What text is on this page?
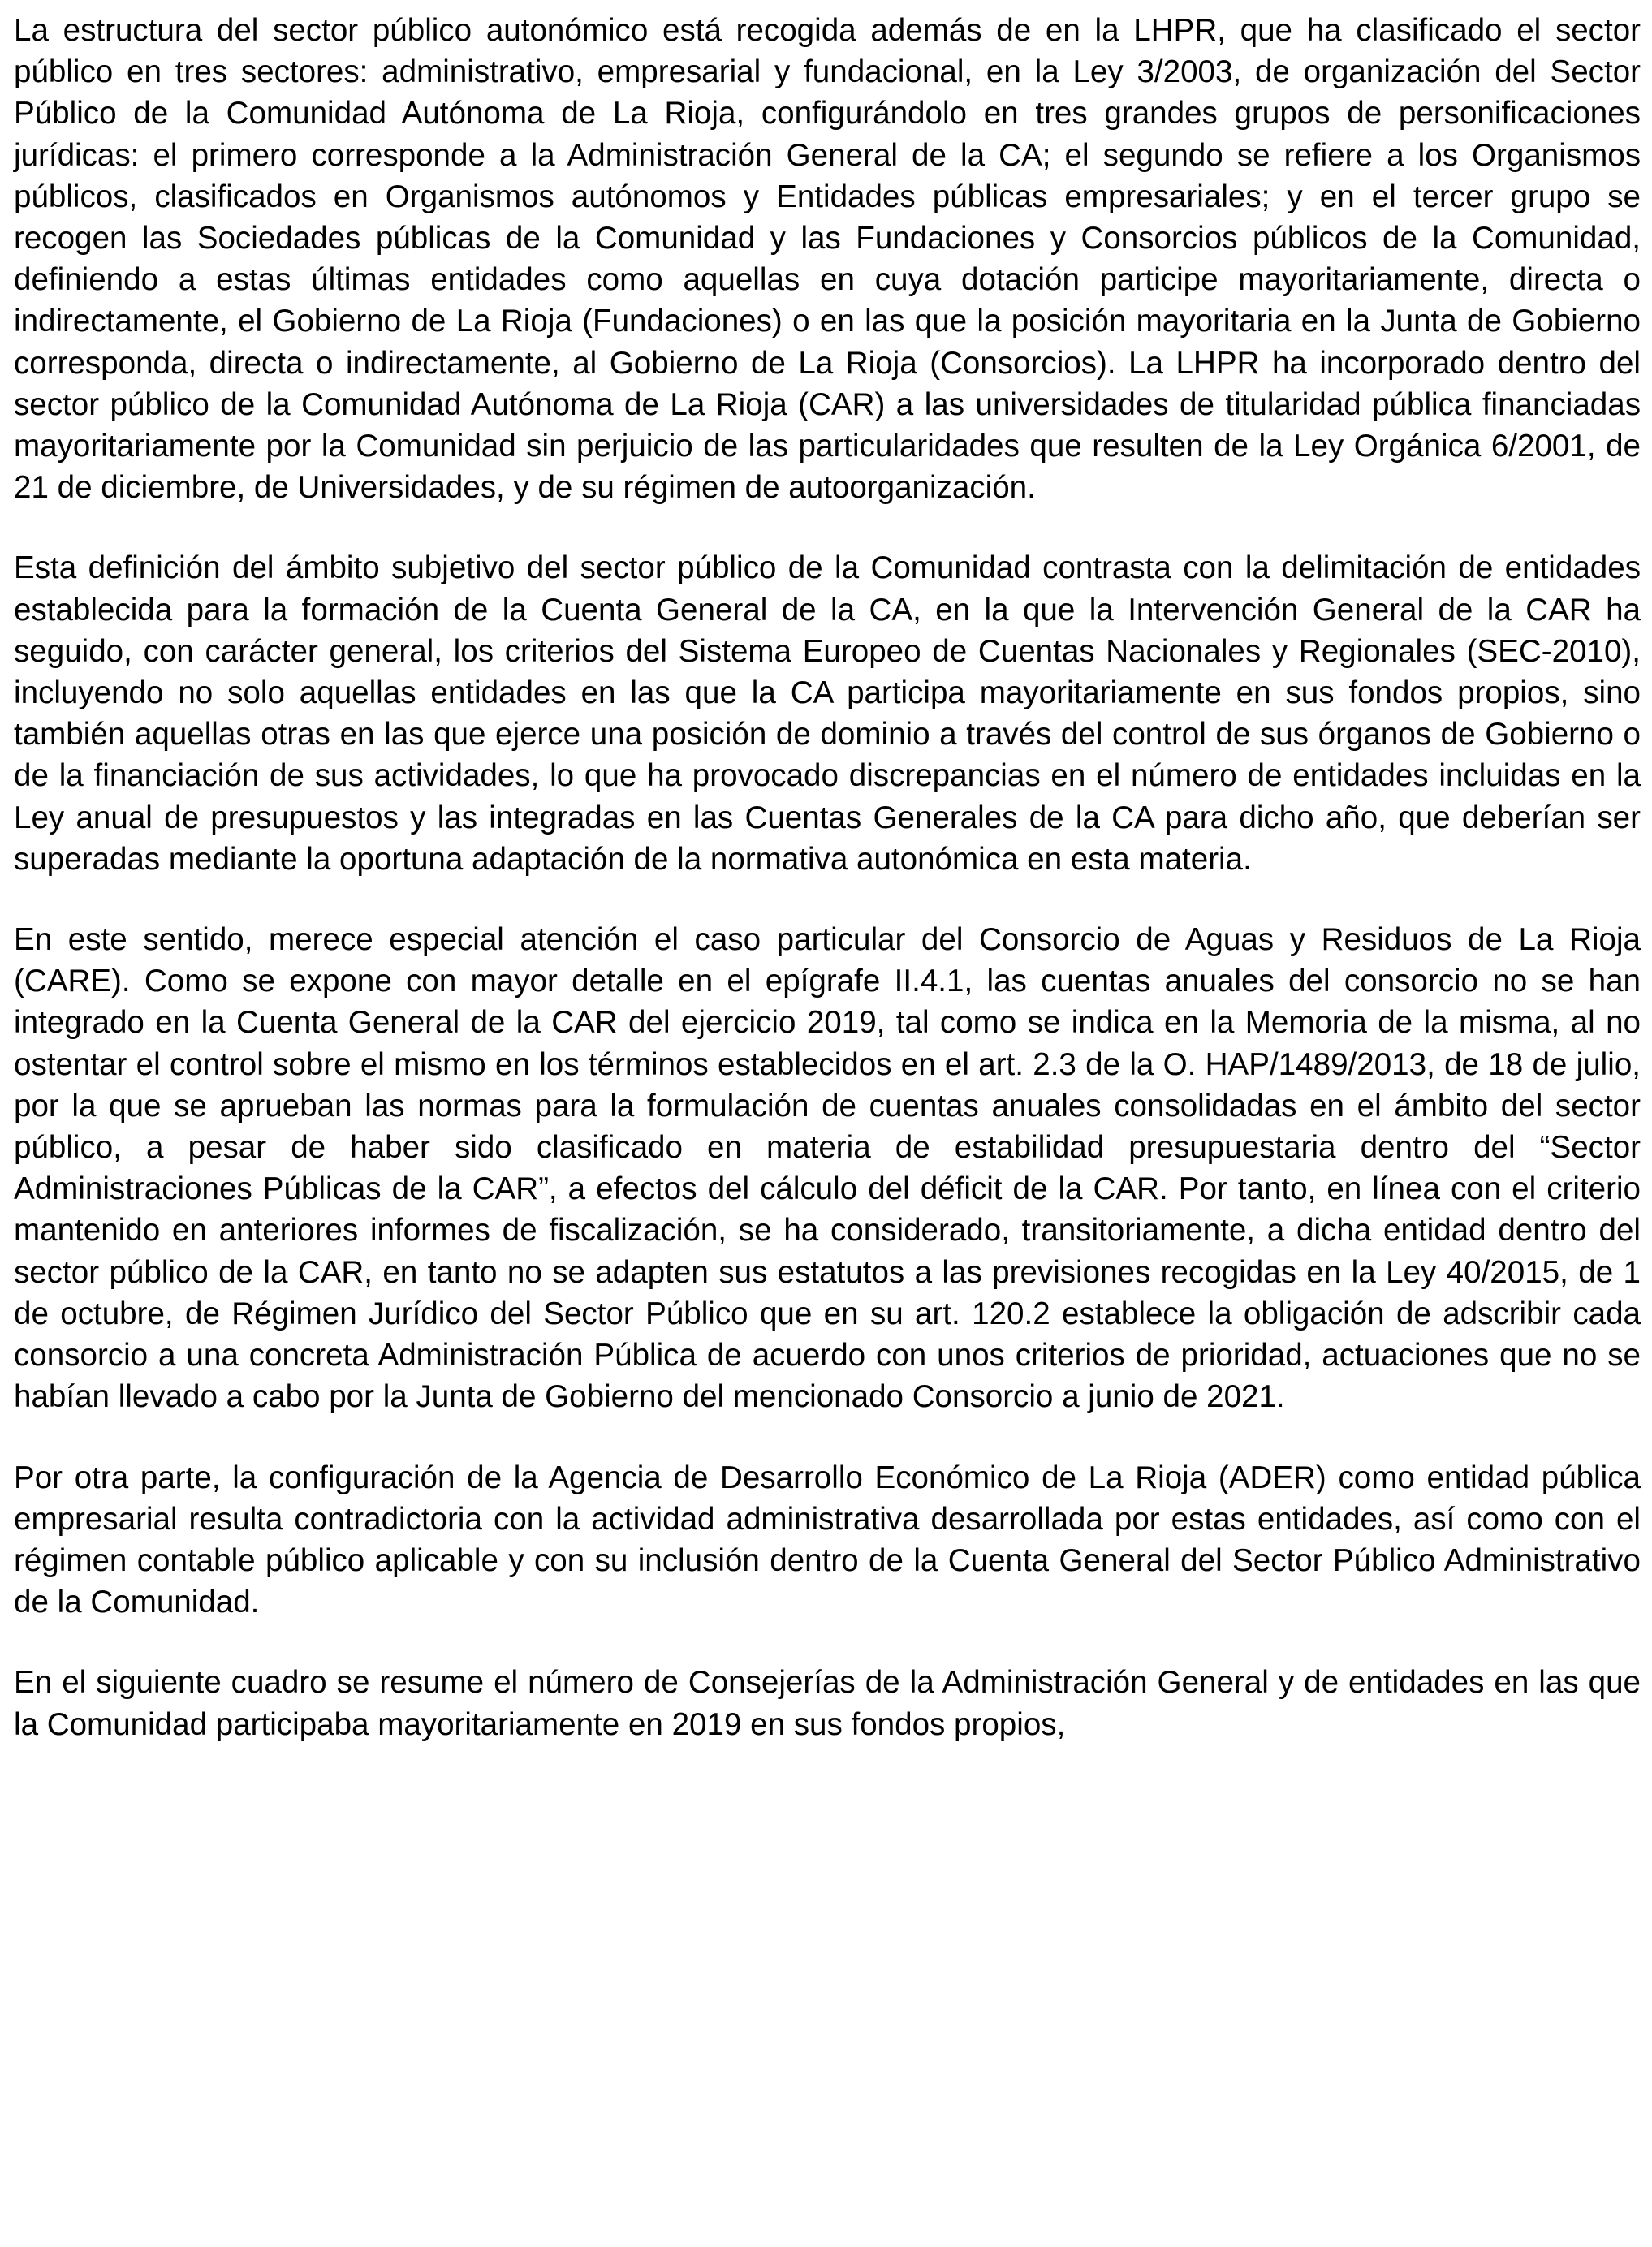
La estructura del sector público autonómico está recogida además de en la LHPR, que ha clasificado el sector público en tres sectores: administrativo, empresarial y fundacional, en la Ley 3/2003, de organización del Sector Público de la Comunidad Autónoma de La Rioja, configurándolo en tres grandes grupos de personificaciones jurídicas: el primero corresponde a la Administración General de la CA; el segundo se refiere a los Organismos públicos, clasificados en Organismos autónomos y Entidades públicas empresariales; y en el tercer grupo se recogen las Sociedades públicas de la Comunidad y las Fundaciones y Consorcios públicos de la Comunidad, definiendo a estas últimas entidades como aquellas en cuya dotación participe mayoritariamente, directa o indirectamente, el Gobierno de La Rioja (Fundaciones) o en las que la posición mayoritaria en la Junta de Gobierno corresponda, directa o indirectamente, al Gobierno de La Rioja (Consorcios). La LHPR ha incorporado dentro del sector público de la Comunidad Autónoma de La Rioja (CAR) a las universidades de titularidad pública financiadas mayoritariamente por la Comunidad sin perjuicio de las particularidades que resulten de la Ley Orgánica 6/2001, de 21 de diciembre, de Universidades, y de su régimen de autoorganización.

Esta definición del ámbito subjetivo del sector público de la Comunidad contrasta con la delimitación de entidades establecida para la formación de la Cuenta General de la CA, en la que la Intervención General de la CAR ha seguido, con carácter general, los criterios del Sistema Europeo de Cuentas Nacionales y Regionales (SEC-2010), incluyendo no solo aquellas entidades en las que la CA participa mayoritariamente en sus fondos propios, sino también aquellas otras en las que ejerce una posición de dominio a través del control de sus órganos de Gobierno o de la financiación de sus actividades, lo que ha provocado discrepancias en el número de entidades incluidas en la Ley anual de presupuestos y las integradas en las Cuentas Generales de la CA para dicho año, que deberían ser superadas mediante la oportuna adaptación de la normativa autonómica en esta materia.

En este sentido, merece especial atención el caso particular del Consorcio de Aguas y Residuos de La Rioja (CARE). Como se expone con mayor detalle en el epígrafe II.4.1, las cuentas anuales del consorcio no se han integrado en la Cuenta General de la CAR del ejercicio 2019, tal como se indica en la Memoria de la misma, al no ostentar el control sobre el mismo en los términos establecidos en el art. 2.3 de la O. HAP/1489/2013, de 18 de julio, por la que se aprueban las normas para la formulación de cuentas anuales consolidadas en el ámbito del sector público, a pesar de haber sido clasificado en materia de estabilidad presupuestaria dentro del “Sector Administraciones Públicas de la CAR”, a efectos del cálculo del déficit de la CAR. Por tanto, en línea con el criterio mantenido en anteriores informes de fiscalización, se ha considerado, transitoriamente, a dicha entidad dentro del sector público de la CAR, en tanto no se adapten sus estatutos a las previsiones recogidas en la Ley 40/2015, de 1 de octubre, de Régimen Jurídico del Sector Público que en su art. 120.2 establece la obligación de adscribir cada consorcio a una concreta Administración Pública de acuerdo con unos criterios de prioridad, actuaciones que no se habían llevado a cabo por la Junta de Gobierno del mencionado Consorcio a junio de 2021.

Por otra parte, la configuración de la Agencia de Desarrollo Económico de La Rioja (ADER) como entidad pública empresarial resulta contradictoria con la actividad administrativa desarrollada por estas entidades, así como con el régimen contable público aplicable y con su inclusión dentro de la Cuenta General del Sector Público Administrativo de la Comunidad.

En el siguiente cuadro se resume el número de Consejerías de la Administración General y de entidades en las que la Comunidad participaba mayoritariamente en 2019 en sus fondos propios,
